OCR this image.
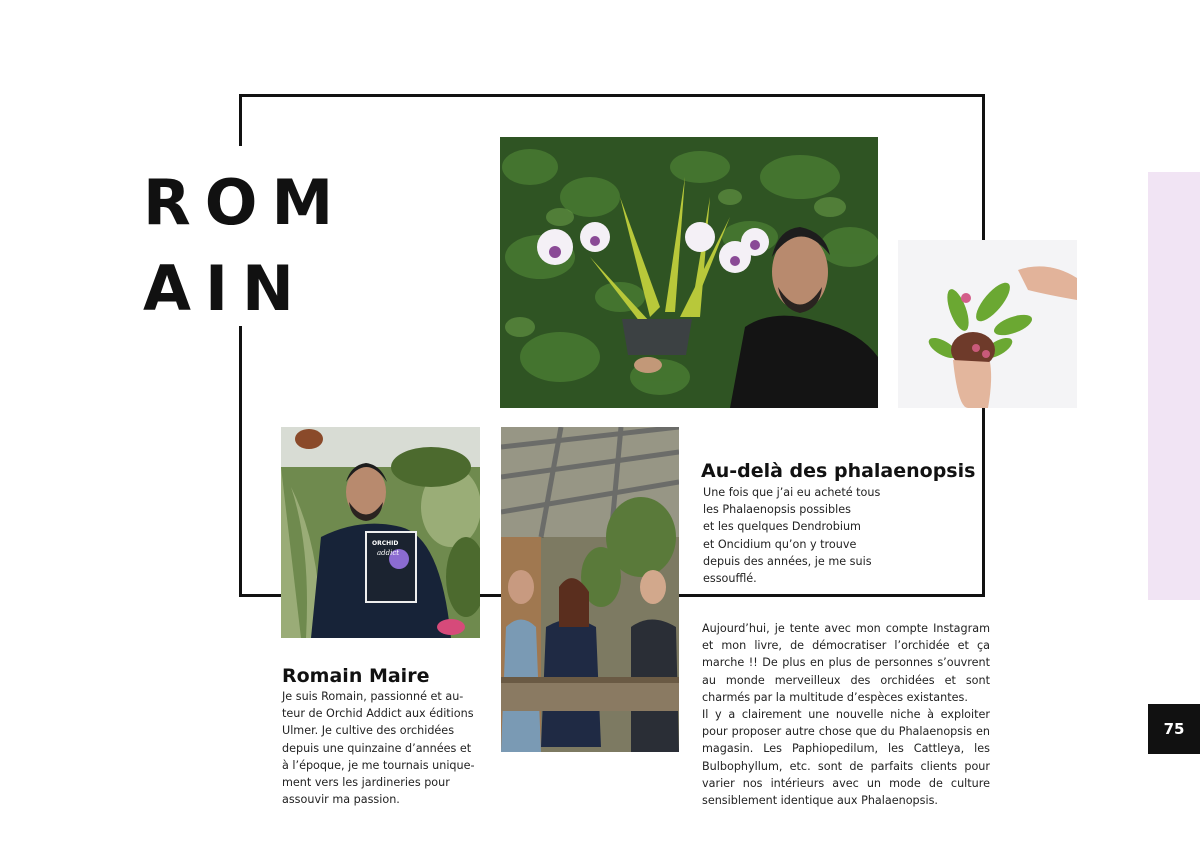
ROM
AIN
ORCHID
addict
Au-delà des phalaenopsis
Une fois que j’ai eu acheté tous
les Phalaenopsis possibles
et les quelques Dendrobium
et Oncidium qu’on y trouve
depuis des années, je me suis
essoufflé.
Romain Maire
Je suis Romain, passionné et au-
teur de Orchid Addict aux éditions
Ulmer. Je cultive des orchidées
depuis une quinzaine d’années et
à l’époque, je me tournais unique-
ment vers les jardineries pour
assouvir ma passion.
Aujourd’hui, je tente avec mon compte Instagram et mon livre, de démocratiser l’orchidée et ça marche !! De plus en plus de personnes s’ouvrent au monde merveilleux des orchidées et sont charmés par la multitude d’espèces existantes.
Il y a clairement une nouvelle niche à exploiter pour proposer autre chose que du Phalaenopsis en magasin. Les Paphiopedilum, les Cattleya, les Bulbophyllum, etc. sont de parfaits clients pour varier nos intérieurs avec un mode de culture sensiblement identique aux Phalaenopsis.
75
